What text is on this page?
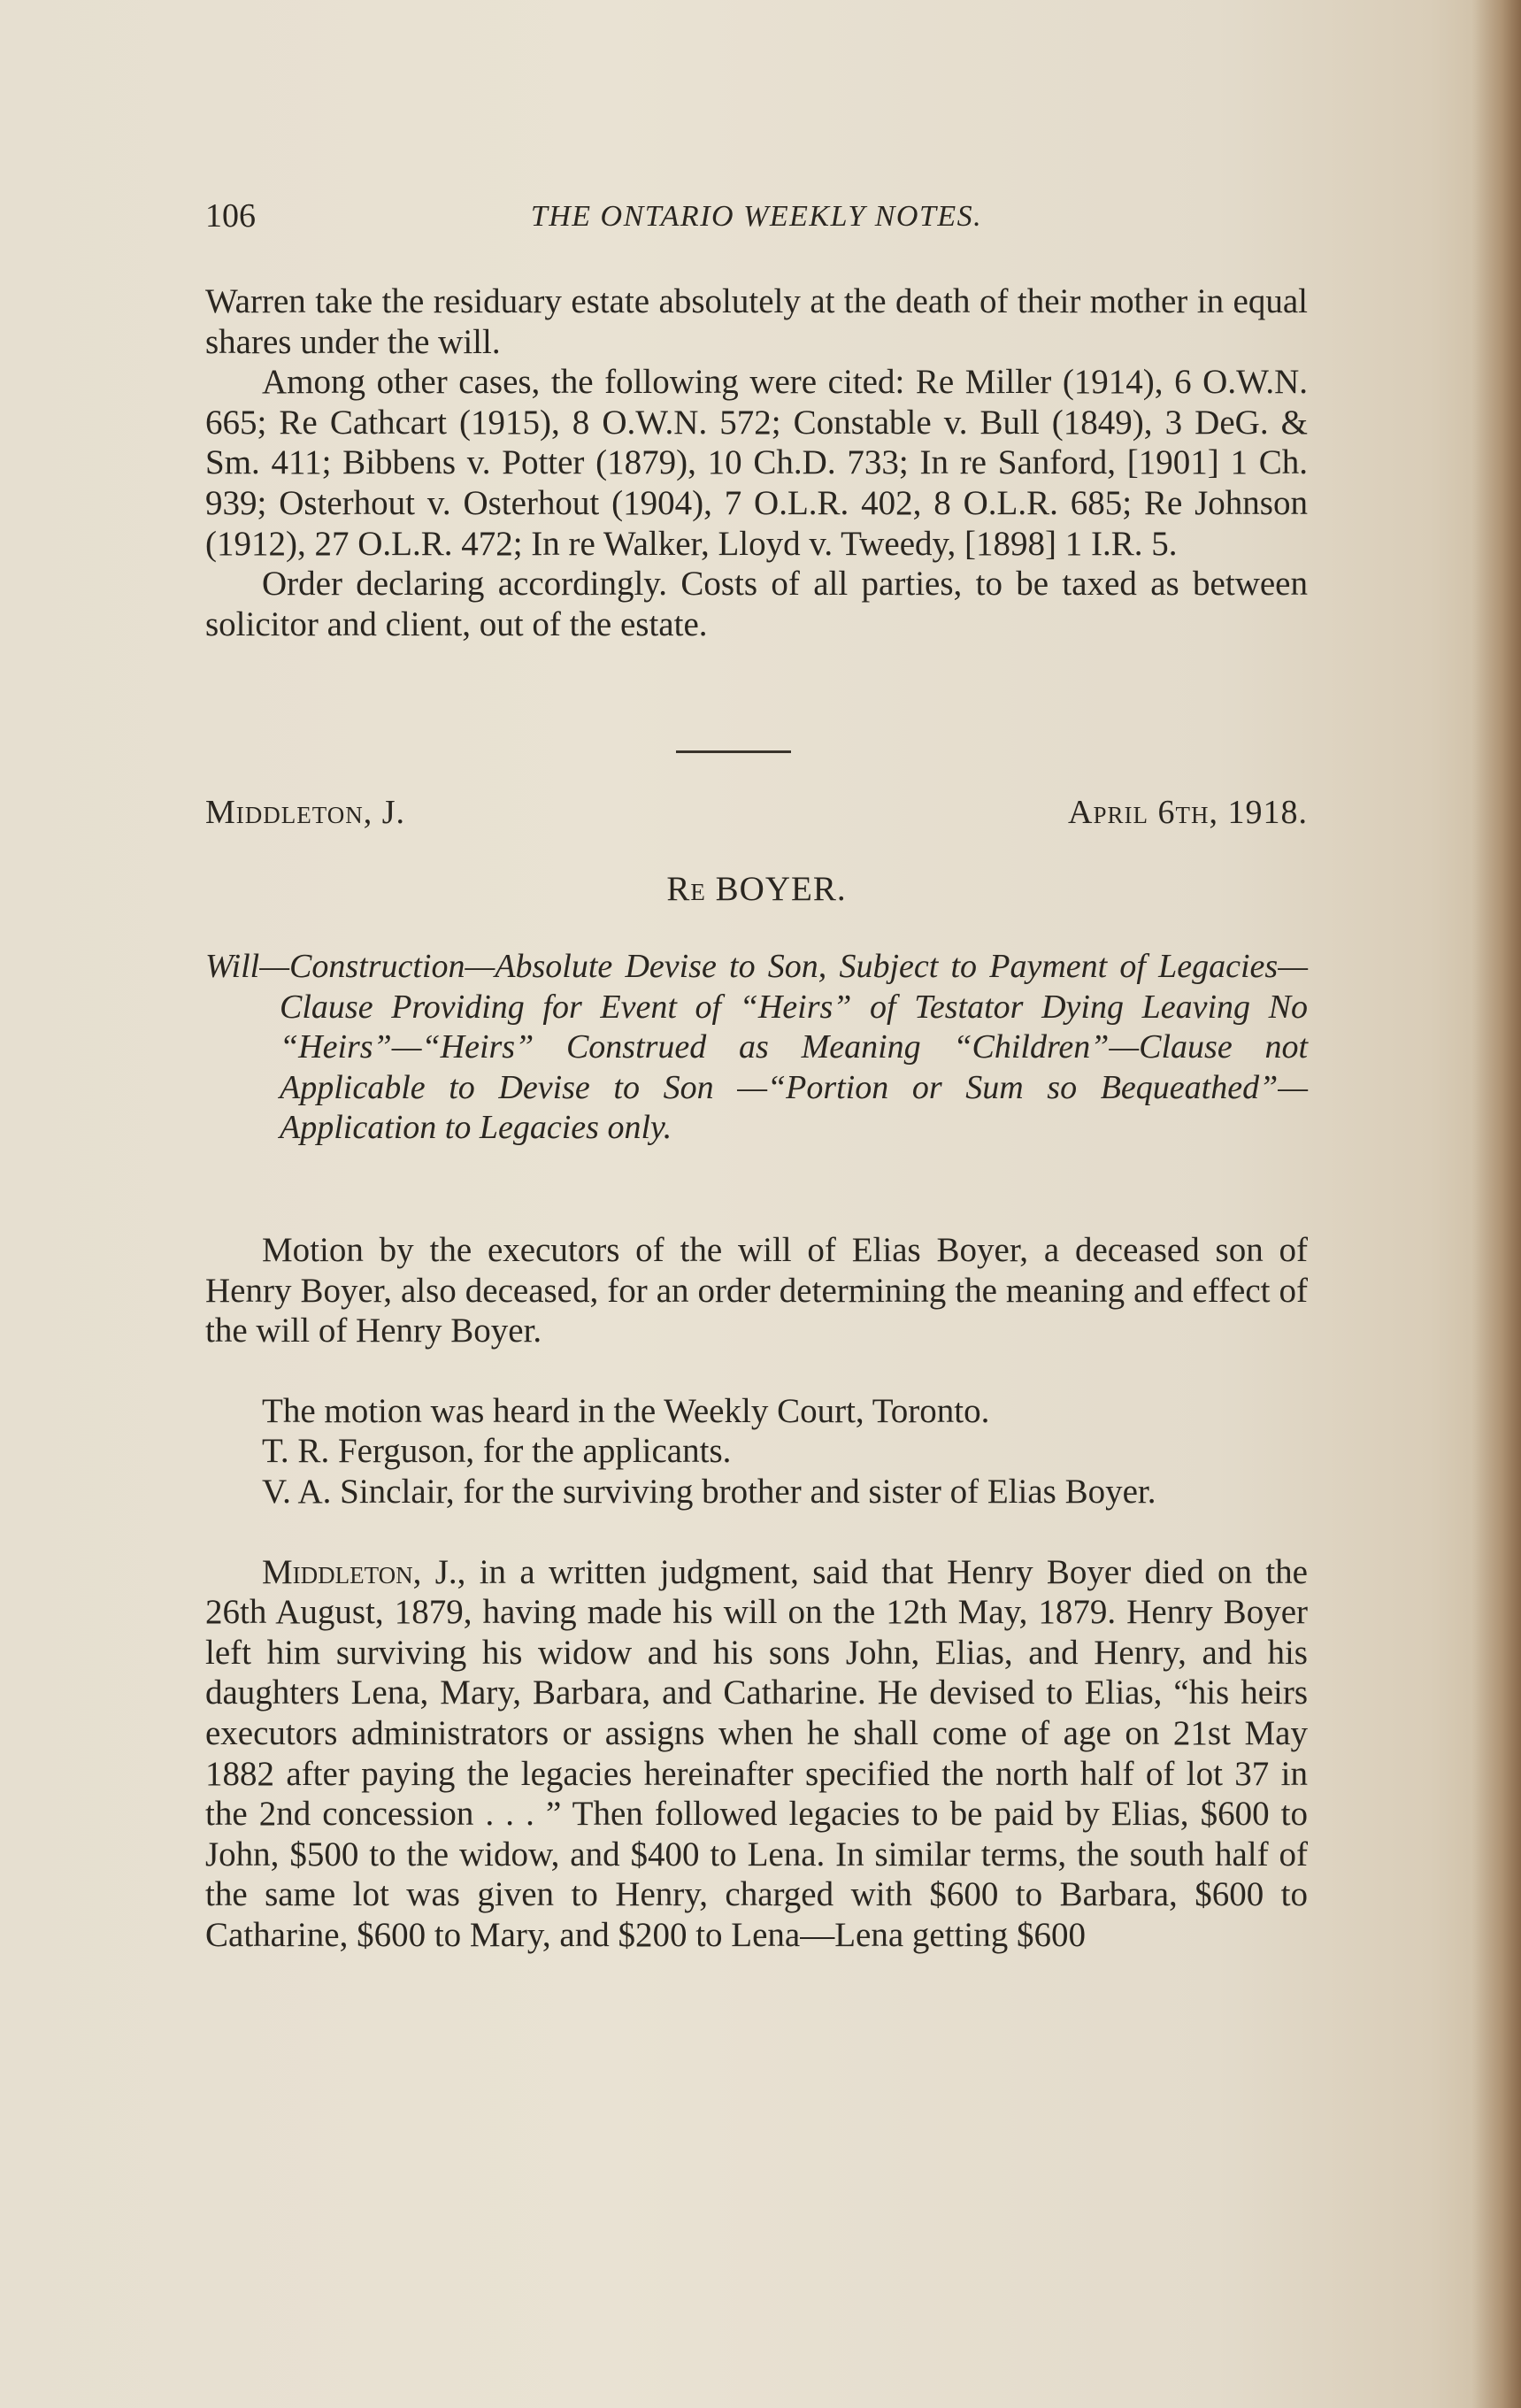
106	THE ONTARIO WEEKLY NOTES.

Warren take the residuary estate absolutely at the death of their mother in equal shares under the will.

Among other cases, the following were cited: Re Miller (1914), 6 O.W.N. 665; Re Cathcart (1915), 8 O.W.N. 572; Constable v. Bull (1849), 3 DeG. & Sm. 411; Bibbens v. Potter (1879), 10 Ch.D. 733; In re Sanford, [1901] 1 Ch. 939; Osterhout v. Osterhout (1904), 7 O.L.R. 402, 8 O.L.R. 685; Re Johnson (1912), 27 O.L.R. 472; In re Walker, Lloyd v. Tweedy, [1898] 1 I.R. 5.

Order declaring accordingly. Costs of all parties, to be taxed as between solicitor and client, out of the estate.

Middleton, J.	April 6th, 1918.
Re BOYER.
Will—Construction—Absolute Devise to Son, Subject to Payment of Legacies—Clause Providing for Event of “Heirs” of Testator Dying Leaving No “Heirs”—“Heirs” Construed as Meaning “Children”—Clause not Applicable to Devise to Son —“Portion or Sum so Bequeathed”—Application to Legacies only.

Motion by the executors of the will of Elias Boyer, a deceased son of Henry Boyer, also deceased, for an order determining the meaning and effect of the will of Henry Boyer.

The motion was heard in the Weekly Court, Toronto.

T. R. Ferguson, for the applicants.

V. A. Sinclair, for the surviving brother and sister of Elias Boyer.

Middleton, J., in a written judgment, said that Henry Boyer died on the 26th August, 1879, having made his will on the 12th May, 1879. Henry Boyer left him surviving his widow and his sons John, Elias, and Henry, and his daughters Lena, Mary, Barbara, and Catharine. He devised to Elias, “his heirs executors administrators or assigns when he shall come of age on 21st May 1882 after paying the legacies hereinafter specified the north half of lot 37 in the 2nd concession . . . ” Then followed legacies to be paid by Elias, $600 to John, $500 to the widow, and $400 to Lena. In similar terms, the south half of the same lot was given to Henry, charged with $600 to Barbara, $600 to Catharine, $600 to Mary, and $200 to Lena—Lena getting $600
